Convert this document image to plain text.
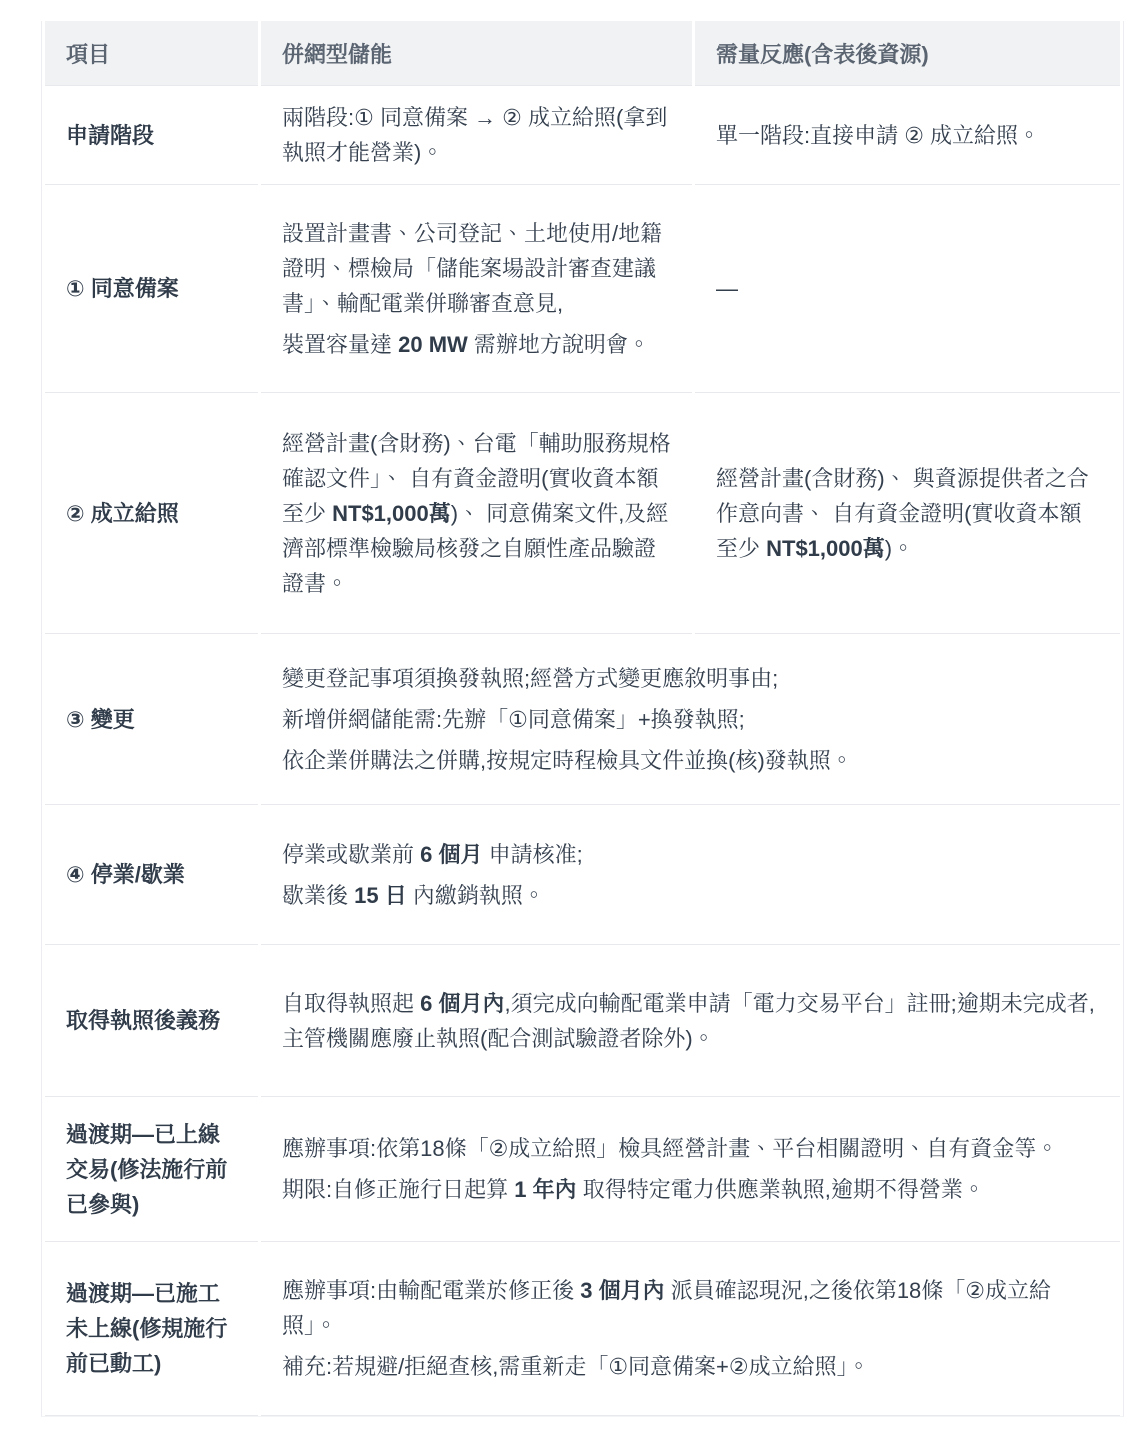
項目	併網型儲能	需量反應(含表後資源)
申請階段	兩階段:① 同意備案 → ② 成立給照(拿到執照才能營業)。	單一階段:直接申請 ② 成立給照。

① 同意備案	設置計畫書、公司登記、土地使用/地籍證明、標檢局「儲能案場設計審查建議書」、輸配電業併聯審查意見,

裝置容量達 20 MW 需辦地方說明會。	—

② 成立給照	經營計畫(含財務)、台電「輔助服務規格確認文件」、 自有資金證明(實收資本額至少 NT$1,000萬)、 同意備案文件,及經濟部標準檢驗局核發之自願性產品驗證證書。	經營計畫(含財務)、 與資源提供者之合作意向書、 自有資金證明(實收資本額至少 NT$1,000萬)。

③ 變更	變更登記事項須換發執照;經營方式變更應敘明事由;

新增併網儲能需:先辦「①同意備案」+換發執照;

依企業併購法之併購,按規定時程檢具文件並換(核)發執照。	

④ 停業/歇業	停業或歇業前 6 個月 申請核准;

歇業後 15 日 內繳銷執照。	

取得執照後義務	自取得執照起 6 個月內,須完成向輸配電業申請「電力交易平台」註冊;逾期未完成者,主管機關應廢止執照(配合測試驗證者除外)。	

過渡期—已上線交易(修法施行前已參與)	應辦事項:依第18條「②成立給照」檢具經營計畫、平台相關證明、自有資金等。

期限:自修正施行日起算 1 年內 取得特定電力供應業執照,逾期不得營業。	

過渡期—已施工未上線(修規施行前已動工)	應辦事項:由輸配電業於修正後 3 個月內 派員確認現況,之後依第18條「②成立給照」。

補充:若規避/拒絕查核,需重新走「①同意備案+②成立給照」。	
